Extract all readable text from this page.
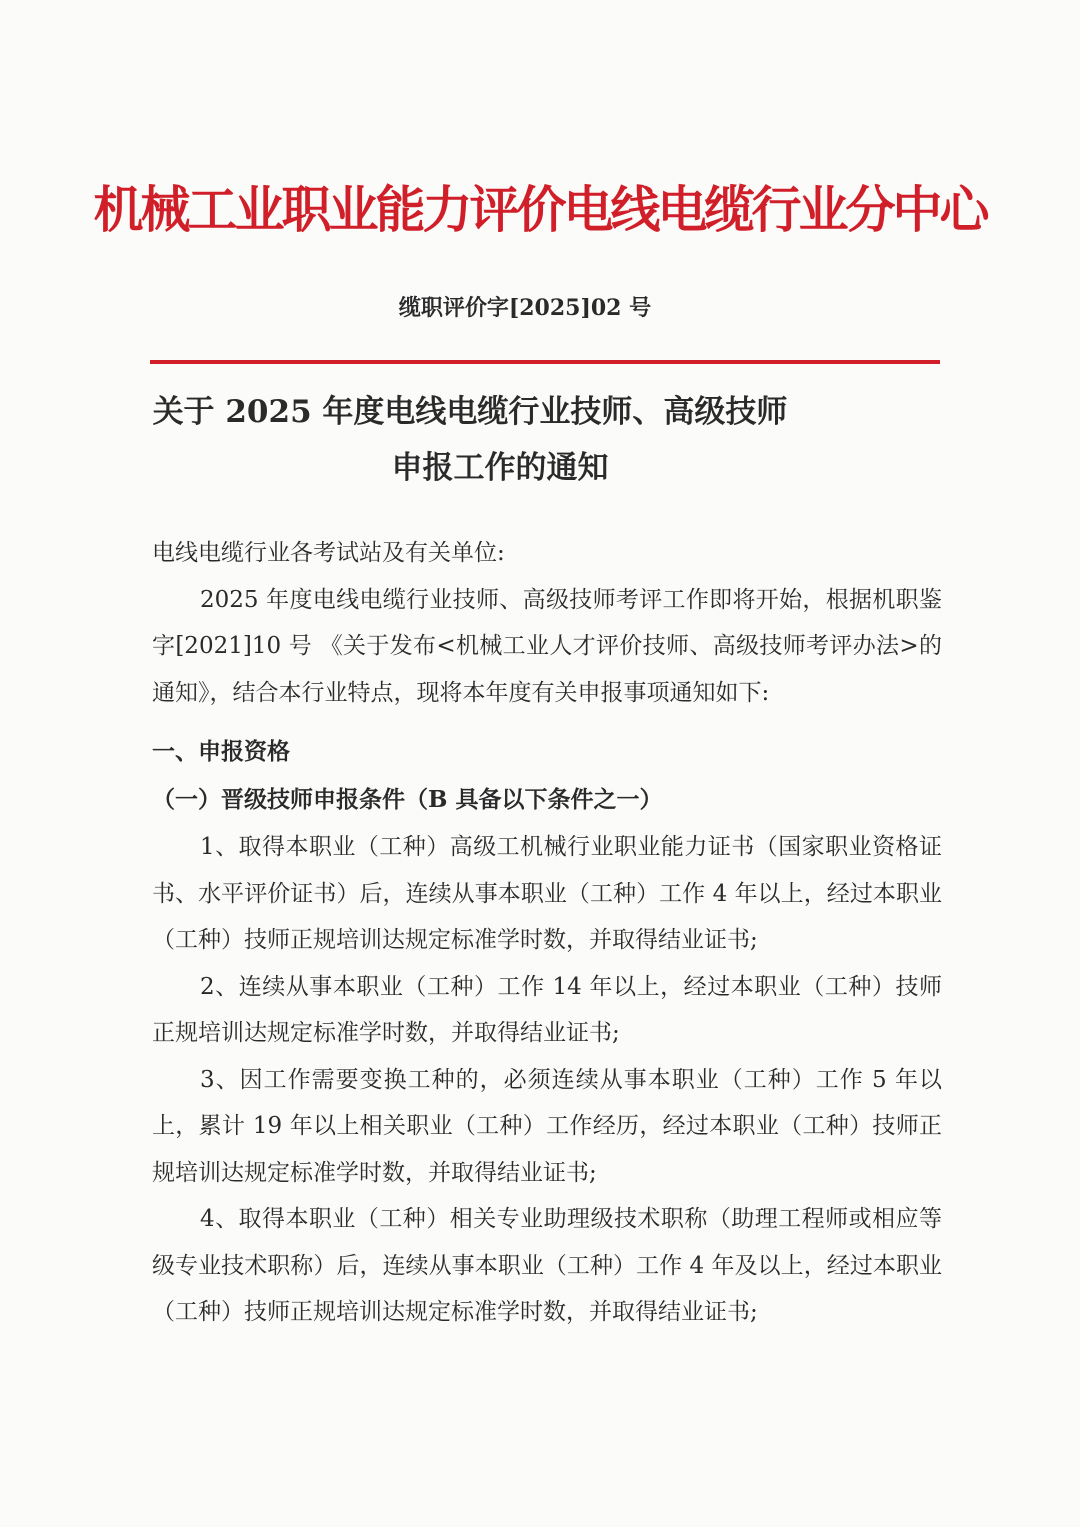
机械工业职业能力评价电线电缆行业分中心
缆职评价字[2025]02 号
关于 2025 年度电线电缆行业技师、高级技师
申报工作的通知

电线电缆行业各考试站及有关单位:

2025 年度电线电缆行业技师、高级技师考评工作即将开始，根据机职鉴字[2021]10 号 《关于发布<机械工业人才评价技师、高级技师考评办法>的通知》，结合本行业特点，现将本年度有关申报事项通知如下:

一、申报资格

（一）晋级技师申报条件（B 具备以下条件之一）

1、取得本职业（工种）高级工机械行业职业能力证书（国家职业资格证书、水平评价证书）后，连续从事本职业（工种）工作 4 年以上，经过本职业（工种）技师正规培训达规定标准学时数，并取得结业证书;

2、连续从事本职业（工种）工作 14 年以上，经过本职业（工种）技师正规培训达规定标准学时数，并取得结业证书;

3、因工作需要变换工种的，必须连续从事本职业（工种）工作 5 年以上，累计 19 年以上相关职业（工种）工作经历，经过本职业（工种）技师正规培训达规定标准学时数，并取得结业证书;

4、取得本职业（工种）相关专业助理级技术职称（助理工程师或相应等级专业技术职称）后，连续从事本职业（工种）工作 4 年及以上，经过本职业（工种）技师正规培训达规定标准学时数，并取得结业证书;
